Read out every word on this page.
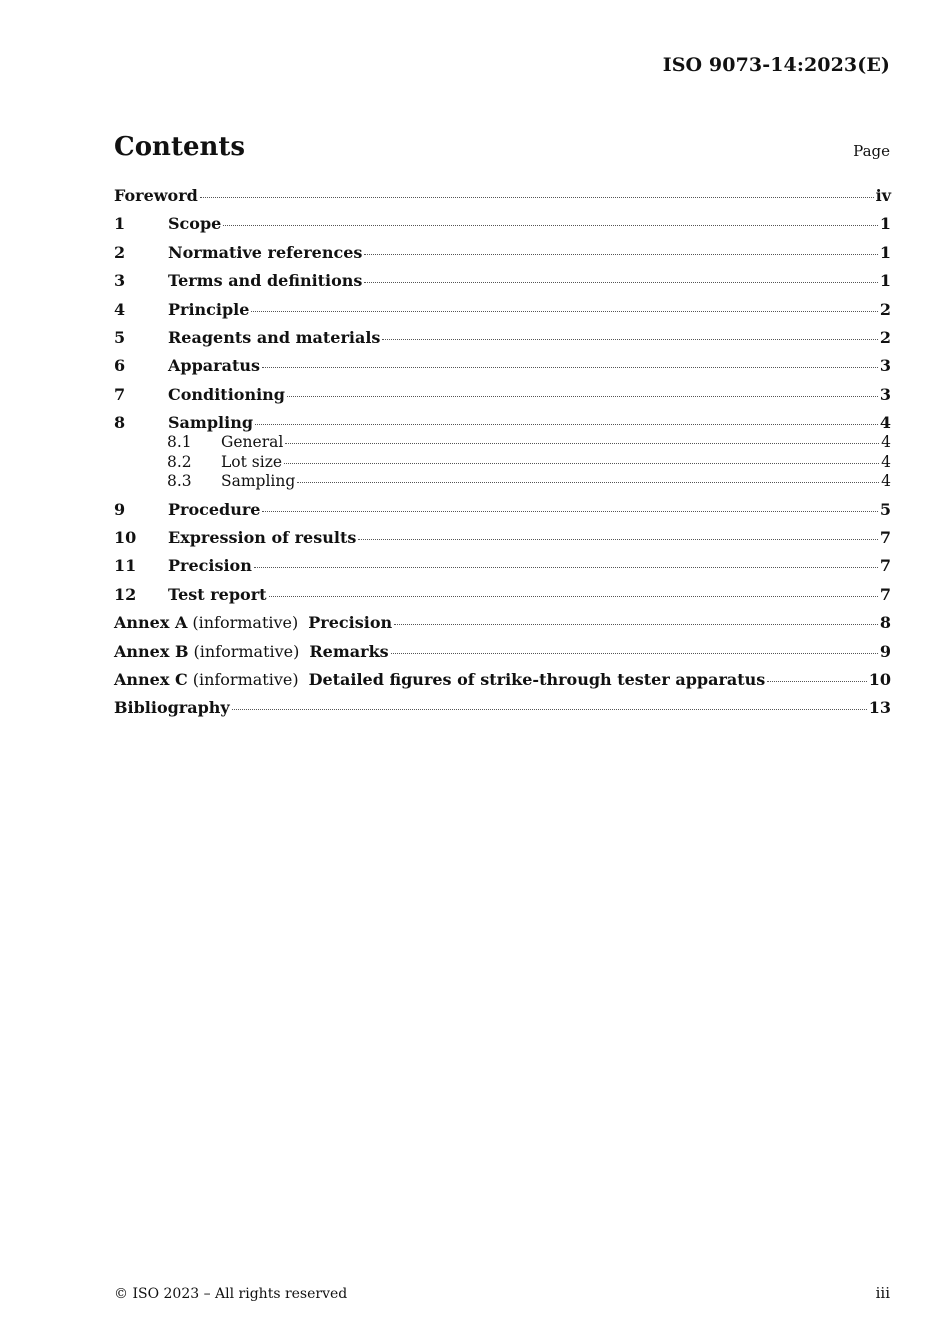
ISO 9073-14:2023(E)
Contents	Page
Foreword	iv
1	Scope	1
2	Normative references	1
3	Terms and definitions	1
4	Principle	2
5	Reagents and materials	2
6	Apparatus	3
7	Conditioning	3
8	Sampling	4
8.1	General	4
8.2	Lot size	4
8.3	Sampling	4
9	Procedure	5
10	Expression of results	7
11	Precision	7
12	Test report	7
Annex A (informative) Precision	8
Annex B (informative) Remarks	9
Annex C (informative) Detailed figures of strike-through tester apparatus	10
Bibliography	13
© ISO 2023 – All rights reserved	iii
